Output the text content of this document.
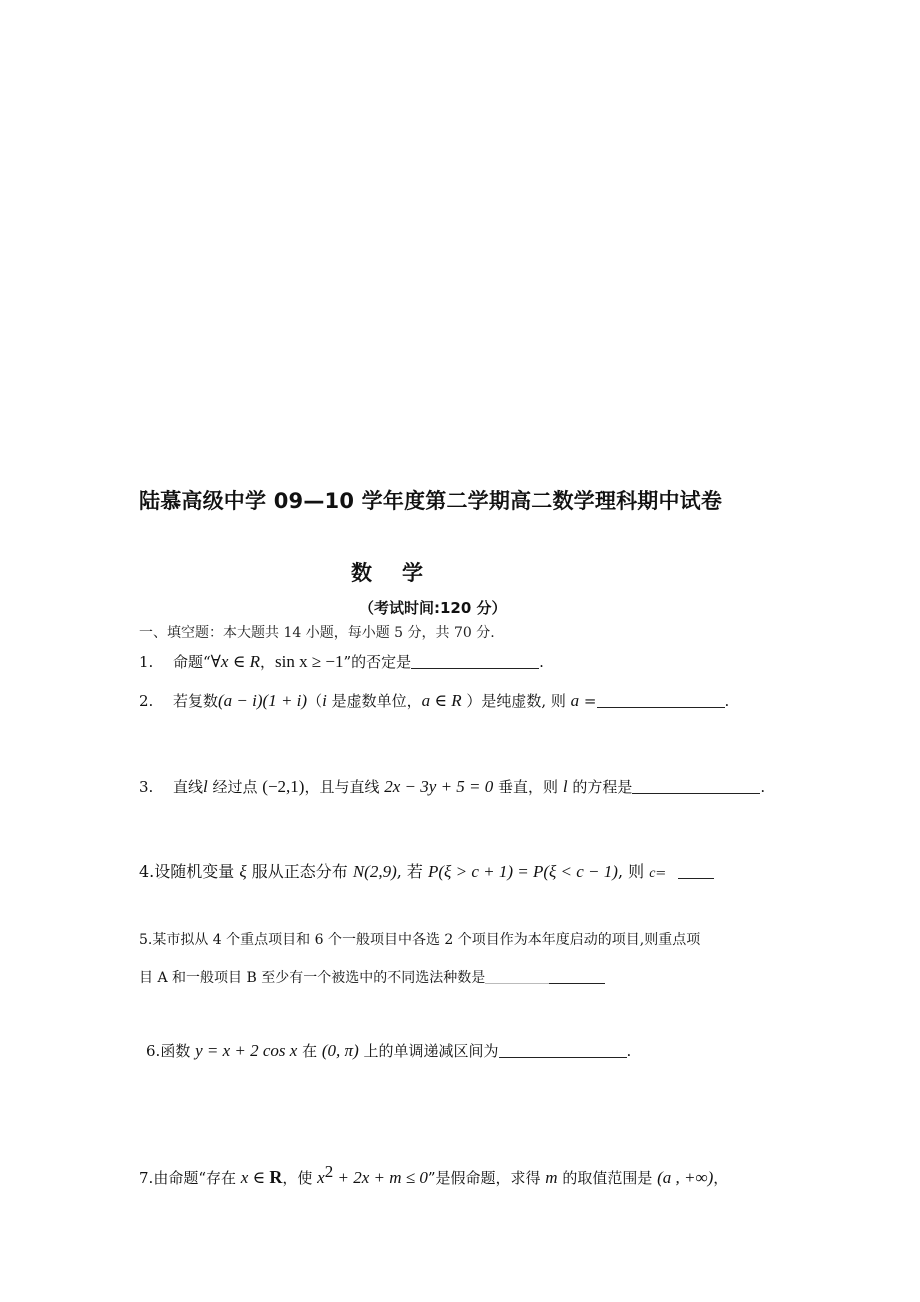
陆慕高级中学 09—10 学年度第二学期高二数学理科期中试卷
数 学
（考试时间:120 分）
一、填空题：本大题共 14 小题，每小题 5 分，共 70 分.
1. 命题“∀x ∈ R，sin x ≥ −1”的否定是	.
2. 若复数(a − i)(1 + i)（i 是虚数单位，a ∈ R ）是纯虚数, 则 a =	.
3. 直线l 经过点 (−2,1)，且与直线 2x − 3y + 5 = 0 垂直，则 l 的方程是	.
4.设随机变量 ξ 服从正态分布 N(2,9), 若 P(ξ > c + 1) = P(ξ < c − 1), 则 c=
5.某市拟从 4 个重点项目和 6 个一般项目中各选 2 个项目作为本年度启动的项目,则重点项
目 A 和一般项目 B 至少有一个被选中的不同选法种数是
6.函数 y = x + 2 cos x 在 (0, π) 上的单调递减区间为	.
7.由命题“存在 x ∈ R，使 $x^2 + 2x + m \le 0$”是假命题，求得 m 的取值范围是 (a , +∞)，
